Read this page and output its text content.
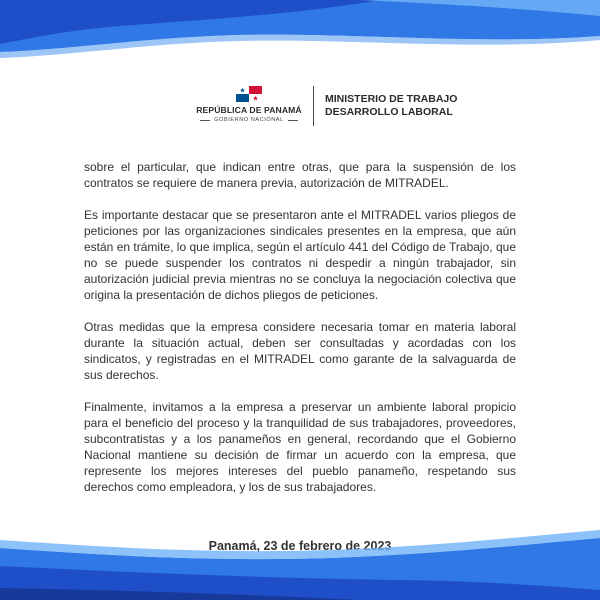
REPÚBLICA DE PANAMÁ
GOBIERNO NACIONAL
MINISTERIO DE TRABAJO
DESARROLLO LABORAL

sobre el particular, que indican entre otras, que para la suspensión de los contratos se requiere de manera previa, autorización de MITRADEL.

Es importante destacar que se presentaron ante el MITRADEL varios pliegos de peticiones por las organizaciones sindicales presentes en la empresa, que aún están en trámite, lo que implica, según el artículo 441 del Código de Trabajo, que no se puede suspender los contratos ni despedir a ningún trabajador, sin autorización judicial previa mientras no se concluya la negociación colectiva que origina la presentación de dichos pliegos de peticiones.

Otras medidas que la empresa considere necesaria tomar en materia laboral durante la situación actual, deben ser consultadas y acordadas con los sindicatos, y registradas en el MITRADEL como garante de la salvaguarda de sus derechos.

Finalmente, invitamos a la empresa a preservar un ambiente laboral propicio para el beneficio del proceso y la tranquilidad de sus trabajadores, proveedores, subcontratistas y a los panameños en general, recordando que el Gobierno Nacional mantiene su decisión de firmar un acuerdo con la empresa, que represente los mejores intereses del pueblo panameño, respetando sus derechos como empleadora, y los de sus trabajadores.

Panamá, 23 de febrero de 2023
